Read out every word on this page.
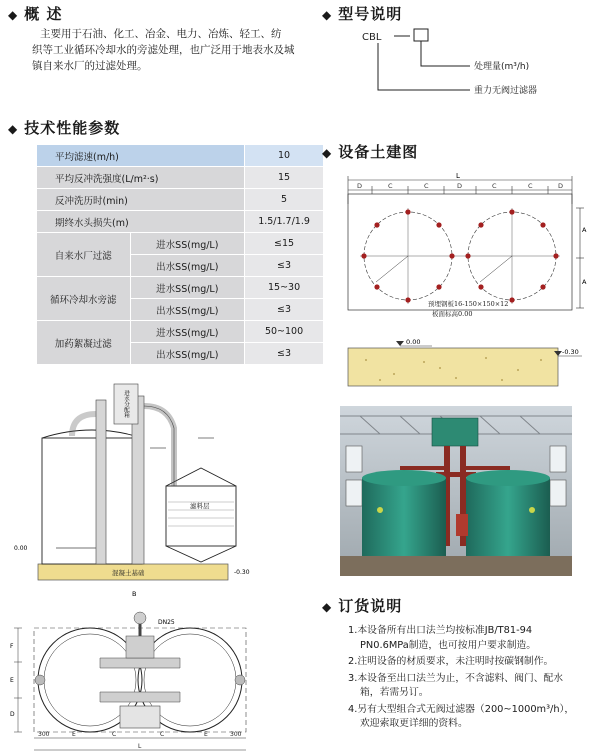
◆ 概 述
主要用于石油、化工、冶金、电力、冶炼、轻工、纺
织等工业循环冷却水的旁滤处理，也广泛用于地表水及城
镇自来水厂的过滤处理。
◆ 型号说明
CBL
处理量(m³/h)
重力无阀过滤器
◆ 技术性能参数
平均滤速(m/h)		10
平均反冲洗强度(L/m²·s)		15
反冲洗历时(min)		5
期终水头损失(m)		1.5/1.7/1.9
自来水厂过滤	进水SS(mg/L)	≤15
	出水SS(mg/L)	≤3
循环冷却水旁滤	进水SS(mg/L)	15~30
	出水SS(mg/L)	≤3
加药絮凝过滤	进水SS(mg/L)	50~100
	出水SS(mg/L)	≤3
◆ 设备土建图
L
D	C	C	D	C	C	D
A
A
预埋钢板16-150×150×12
板面标高0.00
0.00
-0.30
混凝土基础
滤料层
进水分配箱
0.00
-0.30
B
DN25
F
E
D
300	E	C	C	E	300
L
◆ 订货说明
1.本设备所有出口法兰均按标准JB/T81-94
PN0.6MPa制造，也可按用户要求制造。
2.注明设备的材质要求，未注明时按碳钢制作。
3.本设备至出口法兰为止，不含滤料、阀门、配水
箱，若需另订。
4.另有大型组合式无阀过滤器（200~1000m³/h），
欢迎索取更详细的资料。
